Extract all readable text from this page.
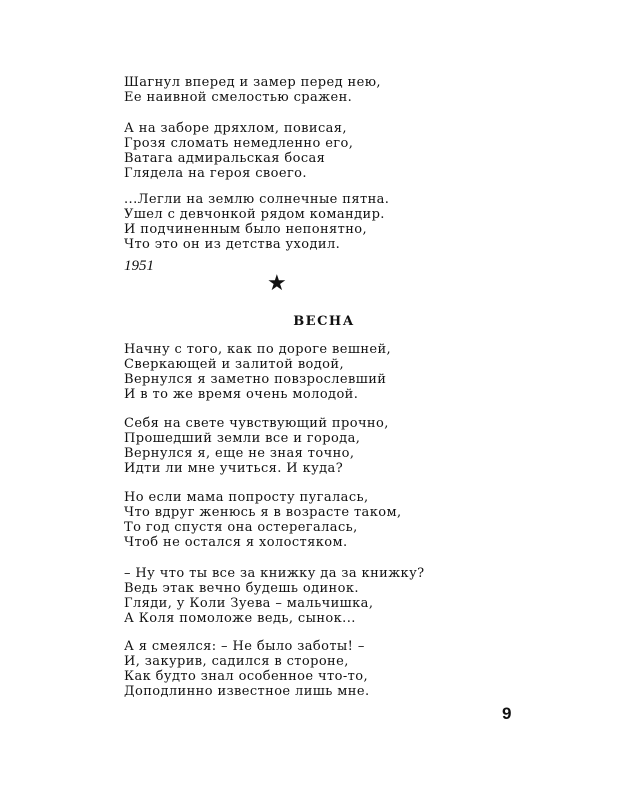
Шагнул вперед и замер перед нею,
Ее наивной смелостью сражен.
А на заборе дряхлом, повисая,
Грозя сломать немедленно его,
Ватага адмиральская босая
Глядела на героя своего.
...Легли на землю солнечные пятна.
Ушел с девчонкой рядом командир.
И подчиненным было непонятно,
Что это он из детства уходил.
1951
★
ВЕСНА
Начну с того, как по дороге вешней,
Сверкающей и залитой водой,
Вернулся я заметно повзрослевший
И в то же время очень молодой.
Себя на свете чувствующий прочно,
Прошедший земли все и города,
Вернулся я, еще не зная точно,
Идти ли мне учиться. И куда?
Но если мама попросту пугалась,
Что вдруг женюсь я в возрасте таком,
То год спустя она остерегалась,
Чтоб не остался я холостяком.
– Ну что ты все за книжку да за книжку?
Ведь этак вечно будешь одинок.
Гляди, у Коли Зуева – мальчишка,
А Коля помоложе ведь, сынок...
А я смеялся: – Не было заботы! –
И, закурив, садился в стороне,
Как будто знал особенное что-то,
Доподлинно известное лишь мне.
9
